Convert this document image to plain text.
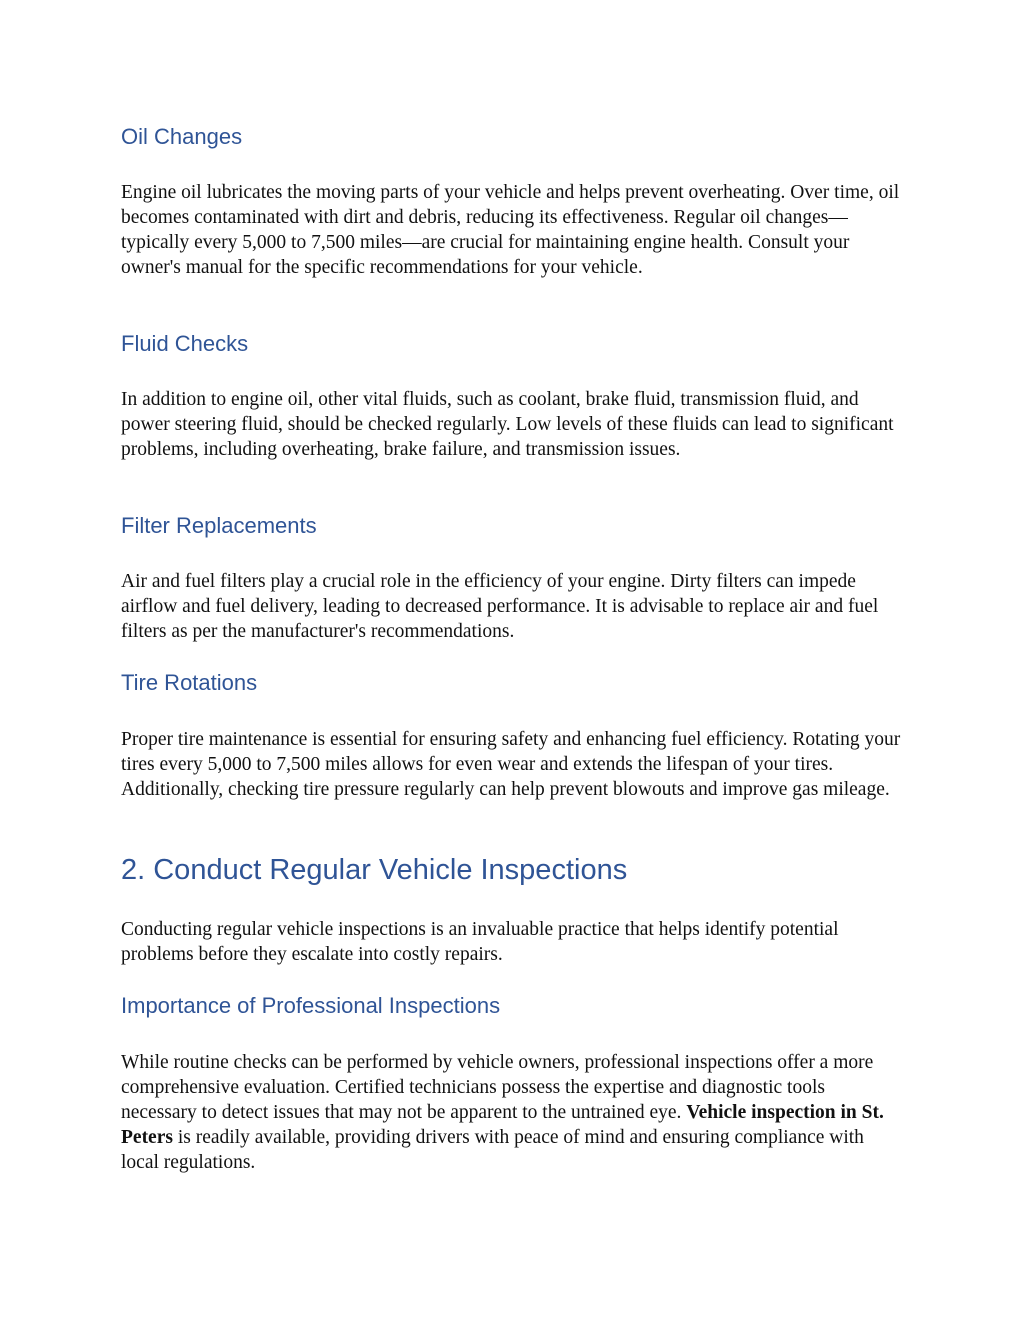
Oil Changes

Engine oil lubricates the moving parts of your vehicle and helps prevent overheating. Over time, oil becomes contaminated with dirt and debris, reducing its effectiveness. Regular oil changes—typically every 5,000 to 7,500 miles—are crucial for maintaining engine health. Consult your owner's manual for the specific recommendations for your vehicle.

Fluid Checks

In addition to engine oil, other vital fluids, such as coolant, brake fluid, transmission fluid, and power steering fluid, should be checked regularly. Low levels of these fluids can lead to significant problems, including overheating, brake failure, and transmission issues.

Filter Replacements

Air and fuel filters play a crucial role in the efficiency of your engine. Dirty filters can impede airflow and fuel delivery, leading to decreased performance. It is advisable to replace air and fuel filters as per the manufacturer's recommendations.

Tire Rotations

Proper tire maintenance is essential for ensuring safety and enhancing fuel efficiency. Rotating your tires every 5,000 to 7,500 miles allows for even wear and extends the lifespan of your tires. Additionally, checking tire pressure regularly can help prevent blowouts and improve gas mileage.

2. Conduct Regular Vehicle Inspections

Conducting regular vehicle inspections is an invaluable practice that helps identify potential problems before they escalate into costly repairs.

Importance of Professional Inspections

While routine checks can be performed by vehicle owners, professional inspections offer a more comprehensive evaluation. Certified technicians possess the expertise and diagnostic tools necessary to detect issues that may not be apparent to the untrained eye. Vehicle inspection in St. Peters is readily available, providing drivers with peace of mind and ensuring compliance with local regulations.
